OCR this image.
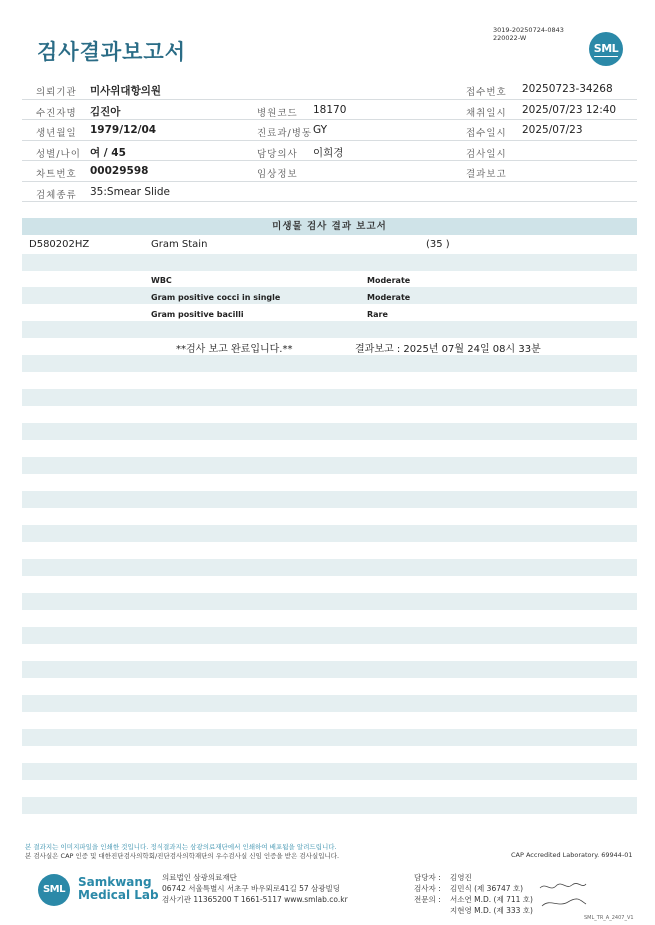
검사결과보고서
3019-20250724-0843
220022-W
SML
의뢰기관 미사위대항의원	접수번호 20250723-34268
수진자명 김진아	병원코드 18170	채취일시 2025/07/23 12:40
생년월일 1979/12/04	진료과/병동 GY	접수일시 2025/07/23
성별/나이 여 / 45	담당의사 이희경	검사일시
차트번호 00029598	임상정보	결과보고
검체종류 35:Smear Slide
미생물 검사 결과 보고서
D580202HZ	Gram Stain	(35 )
WBC	Moderate
Gram positive cocci in single	Moderate
Gram positive bacilli	Rare
**검사 보고 완료입니다.**	결과보고 : 2025년 07월 24일 08시 33분
본 결과지는 이미지파일을 인쇄한 것입니다. 정식결과지는 삼광의료재단에서 인쇄하여 배포됨을 알려드립니다.
본 검사실은 CAP 인증 및 대한진단검사의학회/진단검사의학재단의 우수검사실 신임 인증을 받은 검사실입니다.	CAP Accredited Laboratory. 69944-01
SML
Samkwang
Medical Lab
의료법인 삼광의료재단
06742 서울특별시 서초구 바우뫼로41길 57 삼광빌딩
검사기관 11365200 T 1661-5117 www.smlab.co.kr
담당자 : 김영진
검사자 : 김민식 (제 36747 호)
전문의 : 서소연 M.D. (제 711 호)
지현영 M.D. (제 333 호)
SML_TR_A_2407_V1
